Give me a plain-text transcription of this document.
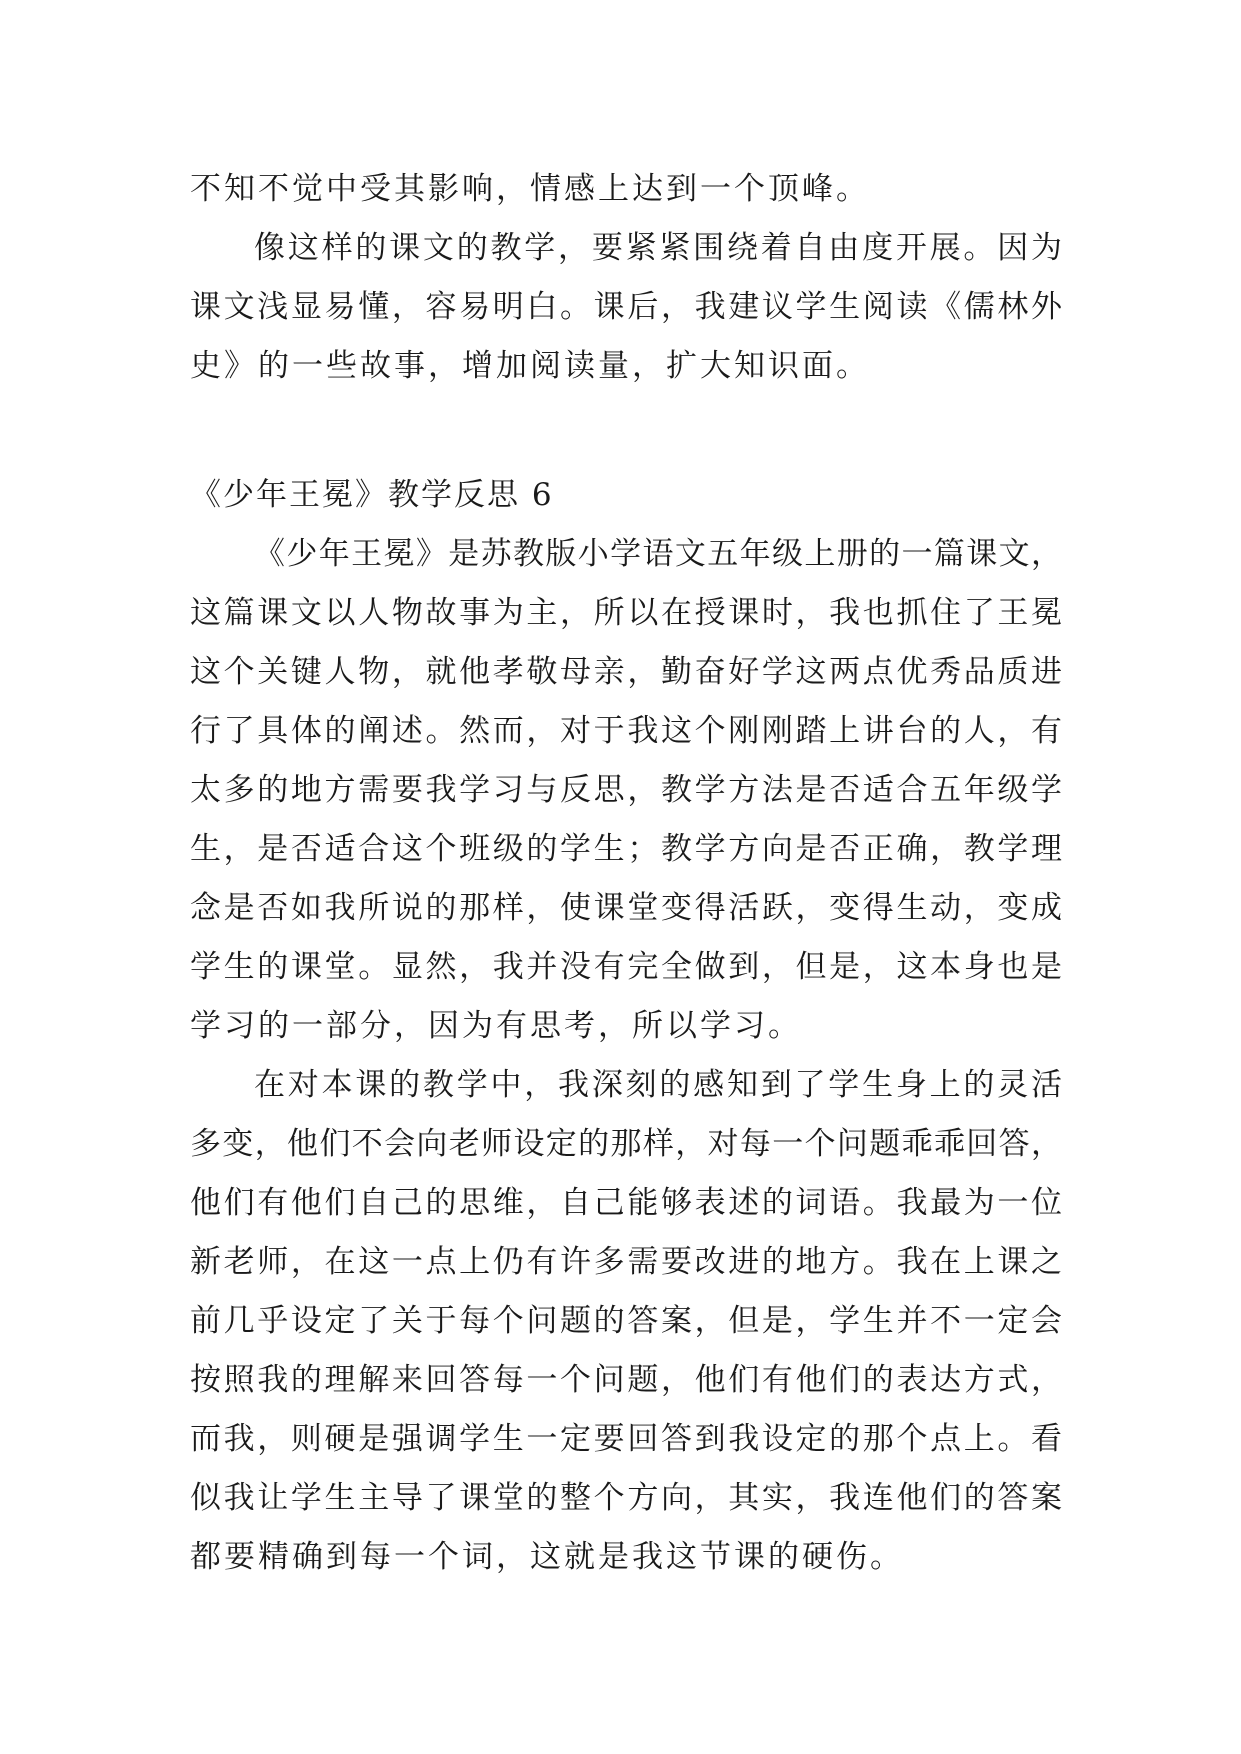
不知不觉中受其影响，情感上达到一个顶峰。
像这样的课文的教学，要紧紧围绕着自由度开展。因为
课文浅显易懂，容易明白。课后，我建议学生阅读《儒林外
史》的一些故事，增加阅读量，扩大知识面。
《少年王冕》教学反思 6
《少年王冕》是苏教版小学语文五年级上册的一篇课文，
这篇课文以人物故事为主，所以在授课时，我也抓住了王冕
这个关键人物，就他孝敬母亲，勤奋好学这两点优秀品质进
行了具体的阐述。然而，对于我这个刚刚踏上讲台的人，有
太多的地方需要我学习与反思，教学方法是否适合五年级学
生，是否适合这个班级的学生；教学方向是否正确，教学理
念是否如我所说的那样，使课堂变得活跃，变得生动，变成
学生的课堂。显然，我并没有完全做到，但是，这本身也是
学习的一部分，因为有思考，所以学习。
在对本课的教学中，我深刻的感知到了学生身上的灵活
多变，他们不会向老师设定的那样，对每一个问题乖乖回答，
他们有他们自己的思维，自己能够表述的词语。我最为一位
新老师，在这一点上仍有许多需要改进的地方。我在上课之
前几乎设定了关于每个问题的答案，但是，学生并不一定会
按照我的理解来回答每一个问题，他们有他们的表达方式，
而我，则硬是强调学生一定要回答到我设定的那个点上。看
似我让学生主导了课堂的整个方向，其实，我连他们的答案
都要精确到每一个词，这就是我这节课的硬伤。
